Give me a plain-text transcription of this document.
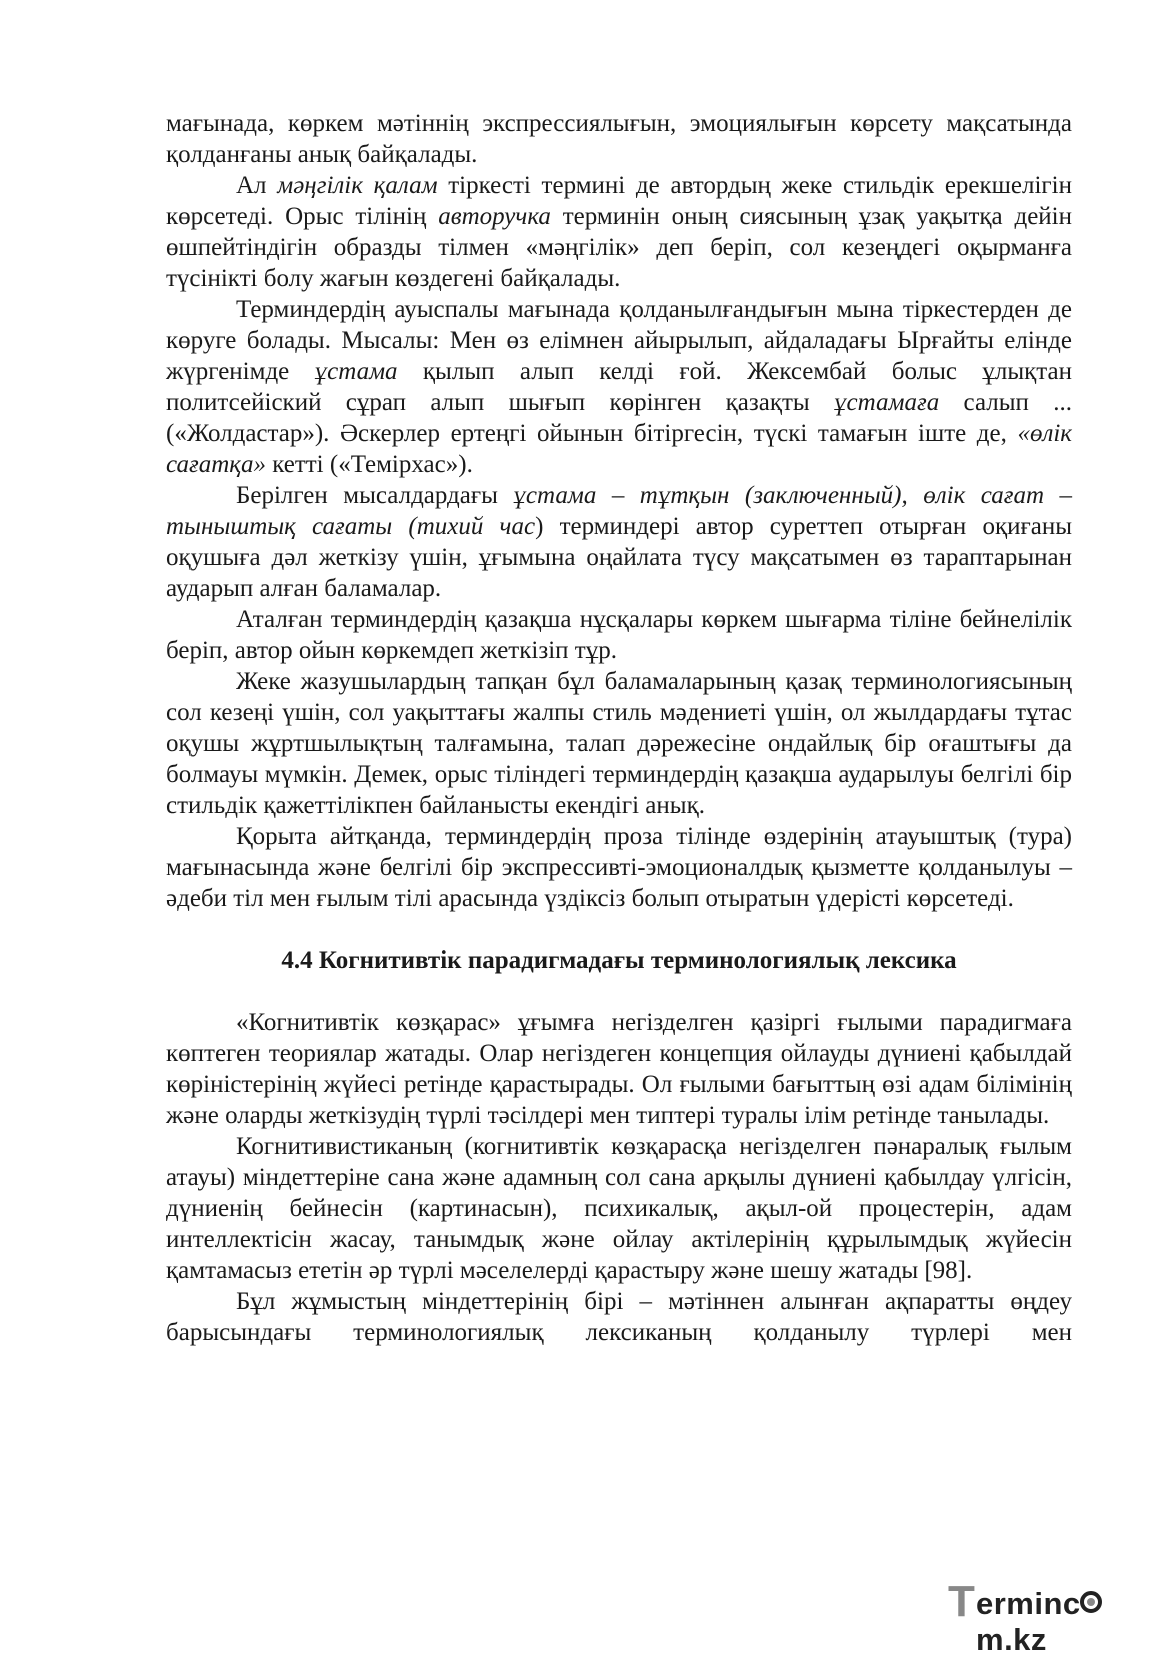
мағынада, көркем мәтіннің экспрессиялығын, эмоциялығын көрсету мақсатында қолданғаны анық байқалады.

Ал мәңгілік қалам тіркесті термині де автордың жеке стильдік ерекшелігін көрсетеді. Орыс тілінің авторучка терминін оның сиясының ұзақ уақытқа дейін өшпейтіндігін образды тілмен «мәңгілік» деп беріп, сол кезеңдегі оқырманға түсінікті болу жағын көздегені байқалады.

Терминдердің ауыспалы мағынада қолданылғандығын мына тіркестерден де көруге болады. Мысалы: Мен өз елімнен айырылып, айдаладағы Ырғайты елінде жүргенімде ұстама қылып алып келді ғой. Жексембай болыс ұлықтан политсейіский сұрап алып шығып көрінген қазақты ұстамаға салып ... («Жолдастар»). Әскерлер ертеңгі ойынын бітіргесін, түскі тамағын іште де, «өлік сағатқа» кетті («Темірхас»).

Берілген мысалдардағы ұстама – тұтқын (заключенный), өлік сағат – тыныштық сағаты (тихий час) терминдері автор суреттеп отырған оқиғаны оқушыға дәл жеткізу үшін, ұғымына оңайлата түсу мақсатымен өз тараптарынан аударып алған баламалар.

Аталған терминдердің қазақша нұсқалары көркем шығарма тіліне бейнелілік беріп, автор ойын көркемдеп жеткізіп тұр.

Жеке жазушылардың тапқан бұл баламаларының қазақ терминологиясының сол кезеңі үшін, сол уақыттағы жалпы стиль мәдениеті үшін, ол жылдардағы тұтас оқушы жұртшылықтың талғамына, талап дәрежесіне ондайлық бір оғаштығы да болмауы мүмкін. Демек, орыс тіліндегі терминдердің қазақша аударылуы белгілі бір стильдік қажеттілікпен байланысты екендігі анық.

Қорыта айтқанда, терминдердің проза тілінде өздерінің атауыштық (тура) мағынасында және белгілі бір экспрессивті-эмоционалдық қызметте қолданылуы – әдеби тіл мен ғылым тілі арасында үздіксіз болып отыратын үдерісті көрсетеді.

4.4 Когнитивтік парадигмадағы терминологиялық лексика

«Когнитивтік көзқарас» ұғымға негізделген қазіргі ғылыми парадигмаға көптеген теориялар жатады. Олар негіздеген концепция ойлауды дүниені қабылдай көріністерінің жүйесі ретінде қарастырады. Ол ғылыми бағыттың өзі адам білімінің және оларды жеткізудің түрлі тәсілдері мен типтері туралы ілім ретінде танылады.

Когнитивистиканың (когнитивтік көзқарасқа негізделген пәнаралық ғылым атауы) міндеттеріне сана және адамның сол сана арқылы дүниені қабылдау үлгісін, дүниенің бейнесін (картинасын), психикалық, ақыл-ой процестерін, адам интеллектісін жасау, танымдық және ойлау актілерінің құрылымдық жүйесін қамтамасыз ететін әр түрлі мәселелерді қарастыру және шешу жатады [98].

Бұл жұмыстың міндеттерінің бірі – мәтіннен алынған ақпаратты өңдеу барысындағы терминологиялық лексиканың қолданылу түрлері мен

T ermincm.kz
